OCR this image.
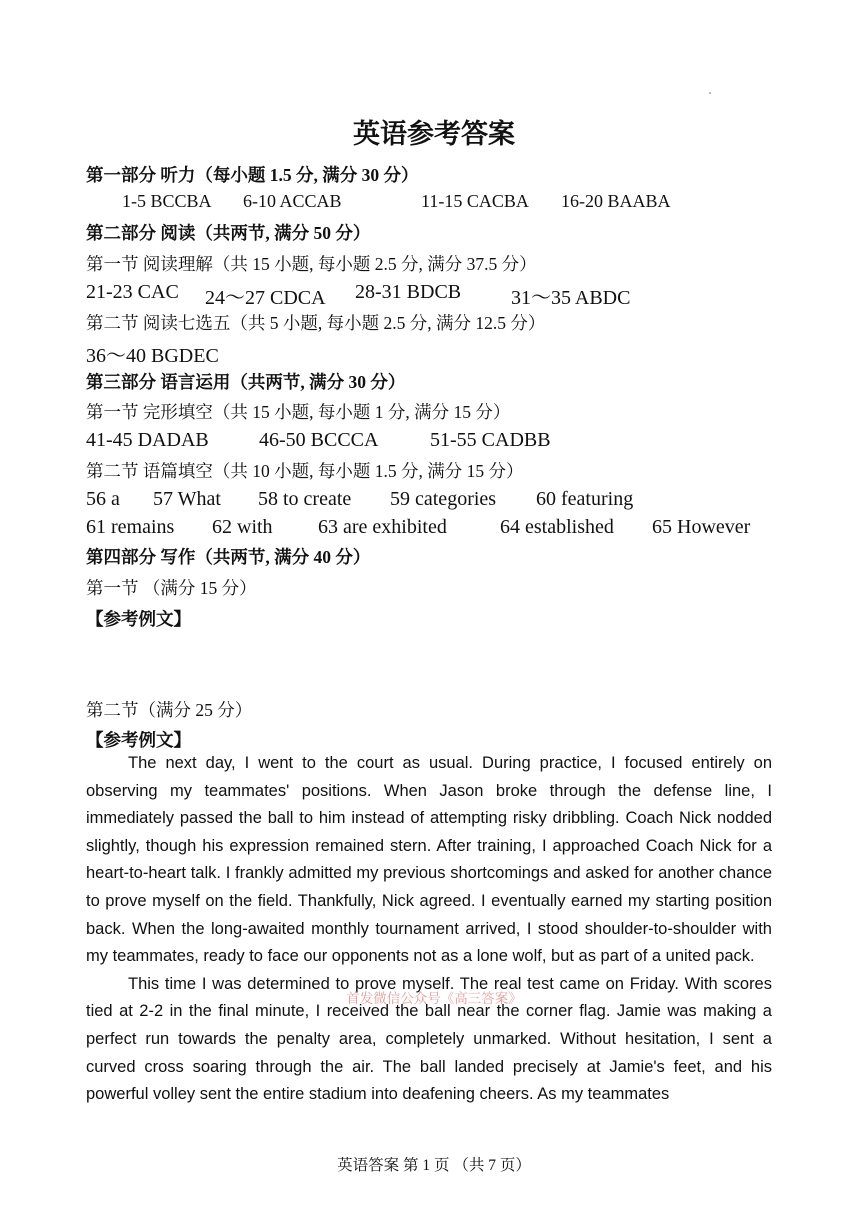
英语参考答案
第一部分 听力（每小题 1.5 分, 满分 30 分）
1-5 BCCBA 6-10 ACCAB	11-15 CACBA 16-20 BAABA
第二部分 阅读（共两节, 满分 50 分）
第一节 阅读理解（共 15 小题, 每小题 2.5 分, 满分 37.5 分）
21-23 CAC 24～27 CDCA 28-31 BDCB 31～35 ABDC
第二节 阅读七选五（共 5 小题, 每小题 2.5 分, 满分 12.5 分）
36～40 BGDEC
第三部分 语言运用（共两节, 满分 30 分）
第一节 完形填空（共 15 小题, 每小题 1 分, 满分 15 分）
41-45 DADAB	46-50 BCCCA	51-55 CADBB
第二节 语篇填空（共 10 小题, 每小题 1.5 分, 满分 15 分）
56 a 57 What 58 to create 59 categories 60 featuring
61 remains 62 with 63 are exhibited	64 established 65 However
第四部分 写作（共两节, 满分 40 分）
第一节 （满分 15 分）
【参考例文】
第二节（满分 25 分）
【参考例文】

The next day, I went to the court as usual. During practice, I focused entirely on observing my teammates' positions. When Jason broke through the defense line, I immediately passed the ball to him instead of attempting risky dribbling. Coach Nick nodded slightly, though his expression remained stern. After training, I approached Coach Nick for a heart-to-heart talk. I frankly admitted my previous shortcomings and asked for another chance to prove myself on the field. Thankfully, Nick agreed. I eventually earned my starting position back. When the long-awaited monthly tournament arrived, I stood shoulder-to-shoulder with my teammates, ready to face our opponents not as a lone wolf, but as part of a united pack.

This time I was determined to prove myself. The real test came on Friday. With scores tied at 2-2 in the final minute, I received the ball near the corner flag. Jamie was making a perfect run towards the penalty area, completely unmarked. Without hesitation, I sent a curved cross soaring through the air. The ball landed precisely at Jamie's feet, and his powerful volley sent the entire stadium into deafening cheers. As my teammates

首发微信公众号《高三答案》
英语答案 第 1 页 （共 7 页）
